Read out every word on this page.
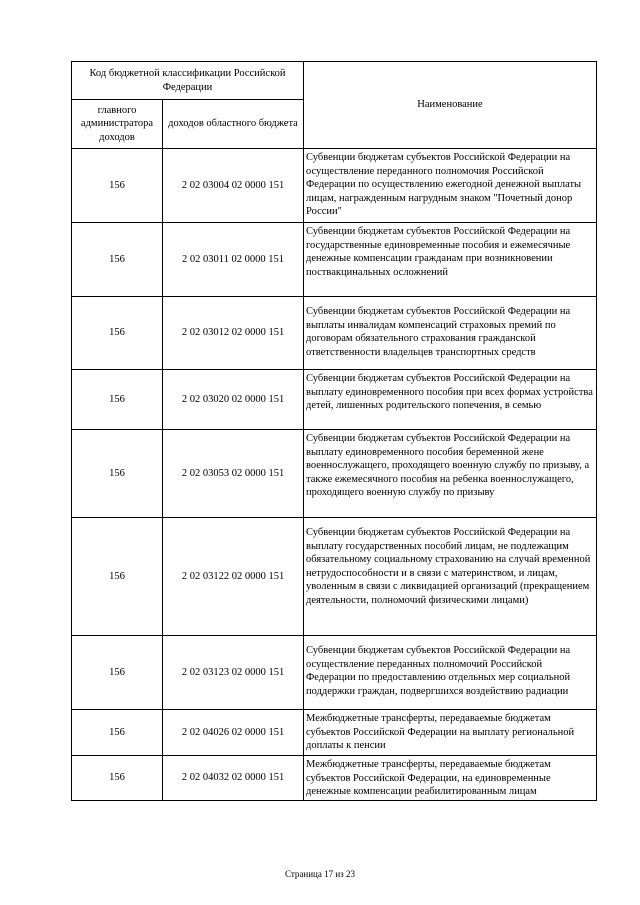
Код бюджетной классификации Российской Федерации		Наименование
главного администратора доходов	доходов областного бюджета	
156	2 02 03004 02 0000 151	Субвенции бюджетам субъектов Российской Федерации на осуществление переданного полномочия Российской Федерации по осуществлению ежегодной денежной выплаты лицам, награжденным нагрудным знаком "Почетный донор России"
156	2 02 03011 02 0000 151	Субвенции бюджетам субъектов Российской Федерации на государственные единовременные пособия и ежемесячные денежные компенсации гражданам при возникновении поствакцинальных осложнений
156	2 02 03012 02 0000 151	Субвенции бюджетам субъектов Российской Федерации на выплаты инвалидам компенсаций страховых премий по договорам обязательного страхования гражданской ответственности владельцев транспортных средств
156	2 02 03020 02 0000 151	Субвенции бюджетам субъектов Российской Федерации на выплату единовременного пособия при всех формах устройства детей, лишенных родительского попечения, в семью
156	2 02 03053 02 0000 151	Субвенции бюджетам субъектов Российской Федерации на выплату единовременного пособия беременной жене военнослужащего, проходящего военную службу по призыву, а также ежемесячного пособия на ребенка военнослужащего, проходящего военную службу по призыву
156	2 02 03122 02 0000 151	Субвенции бюджетам субъектов Российской Федерации на выплату государственных пособий лицам, не подлежащим обязательному социальному страхованию на случай временной нетрудоспособности и в связи с материнством, и лицам, уволенным в связи с ликвидацией организаций (прекращением деятельности, полномочий физическими лицами)
156	2 02 03123 02 0000 151	Субвенции бюджетам субъектов Российской Федерации на осуществление переданных полномочий Российской Федерации по предоставлению отдельных мер социальной поддержки граждан, подвергшихся воздействию радиации
156	2 02 04026 02 0000 151	Межбюджетные трансферты, передаваемые бюджетам субъектов Российской Федерации на выплату региональной доплаты к пенсии
156	2 02 04032 02 0000 151	Межбюджетные трансферты, передаваемые бюджетам субъектов Российской Федерации, на единовременные денежные компенсации реабилитированным лицам
Страница 17 из 23
